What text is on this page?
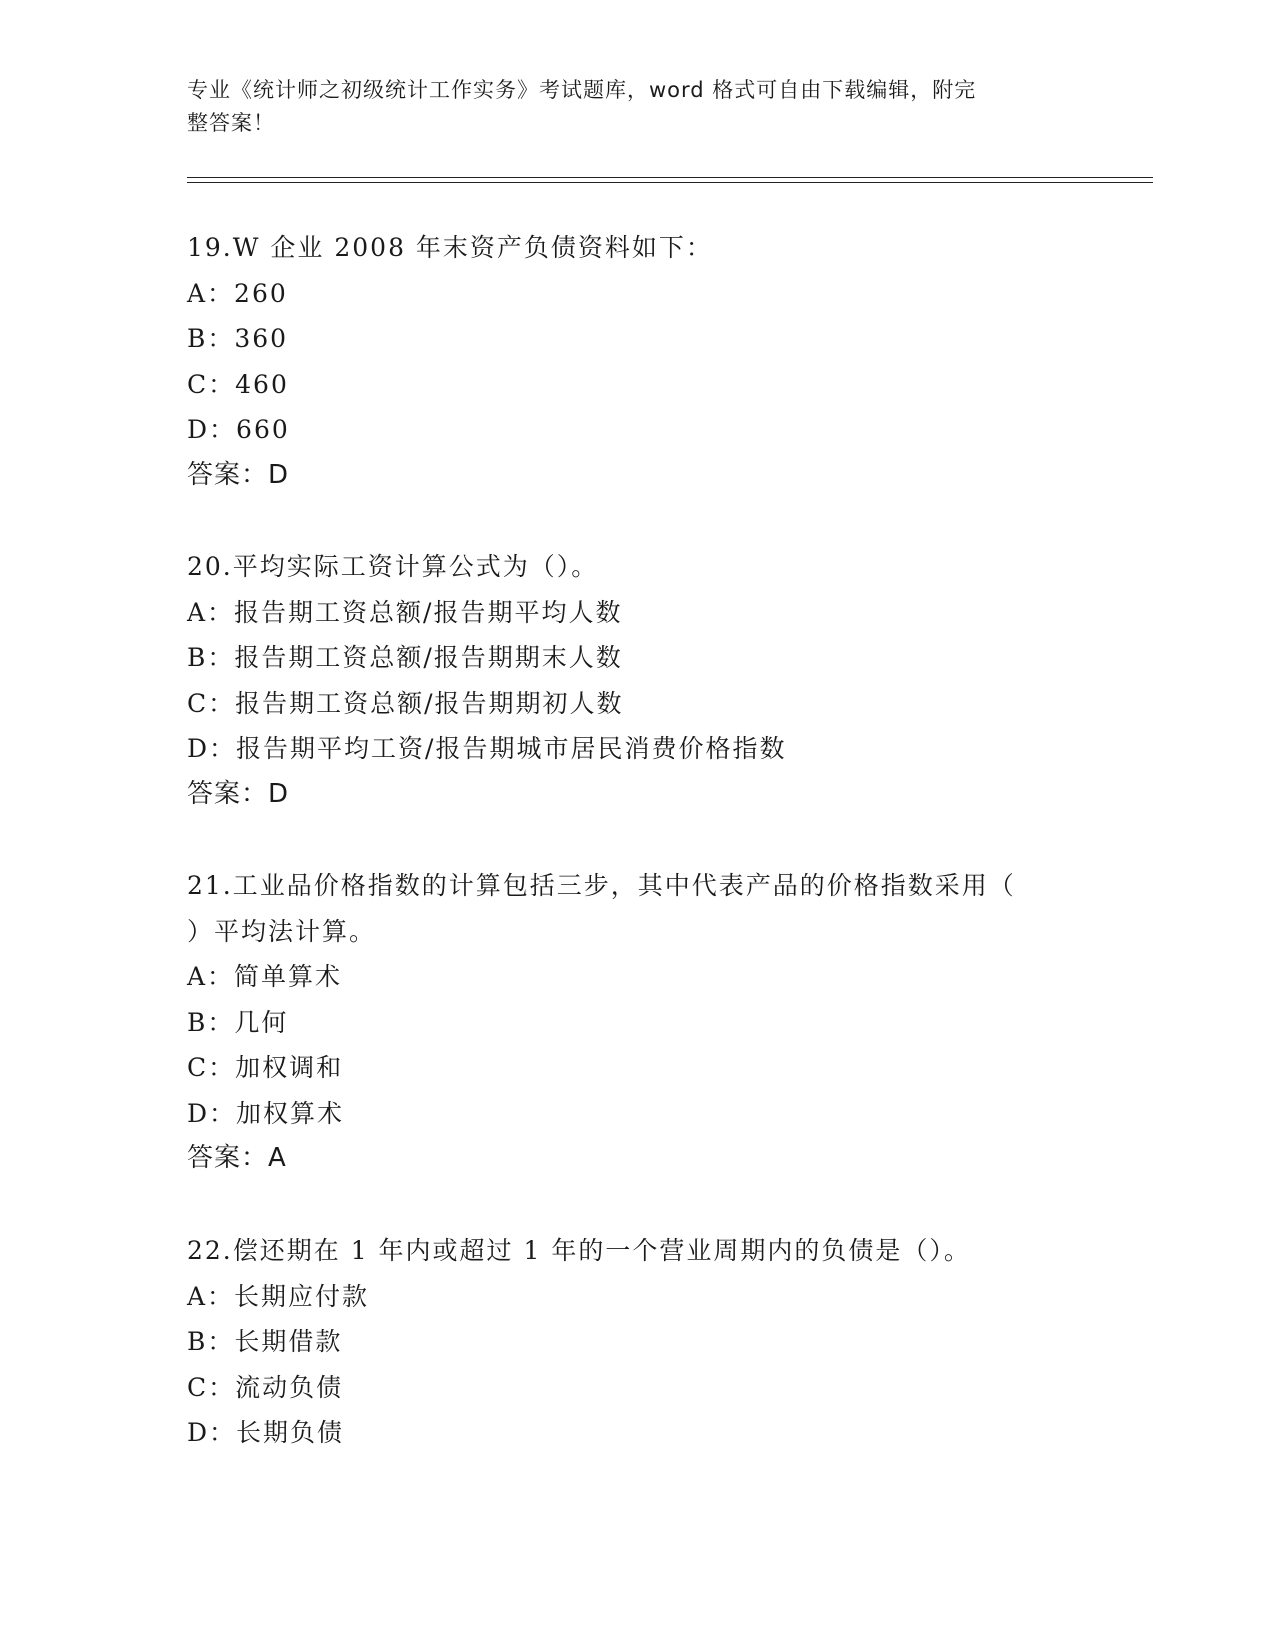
专业《统计师之初级统计工作实务》考试题库，word 格式可自由下载编辑，附完
整答案！
19.W 企业 2008 年末资产负债资料如下：
A：260
B：360
C：460
D：660
答案：D
20.平均实际工资计算公式为（）。
A：报告期工资总额/报告期平均人数
B：报告期工资总额/报告期期末人数
C：报告期工资总额/报告期期初人数
D：报告期平均工资/报告期城市居民消费价格指数
答案：D
21.工业品价格指数的计算包括三步，其中代表产品的价格指数采用（
）平均法计算。
A：简单算术
B：几何
C：加权调和
D：加权算术
答案：A
22.偿还期在 1 年内或超过 1 年的一个营业周期内的负债是（）。
A：长期应付款
B：长期借款
C：流动负债
D：长期负债
